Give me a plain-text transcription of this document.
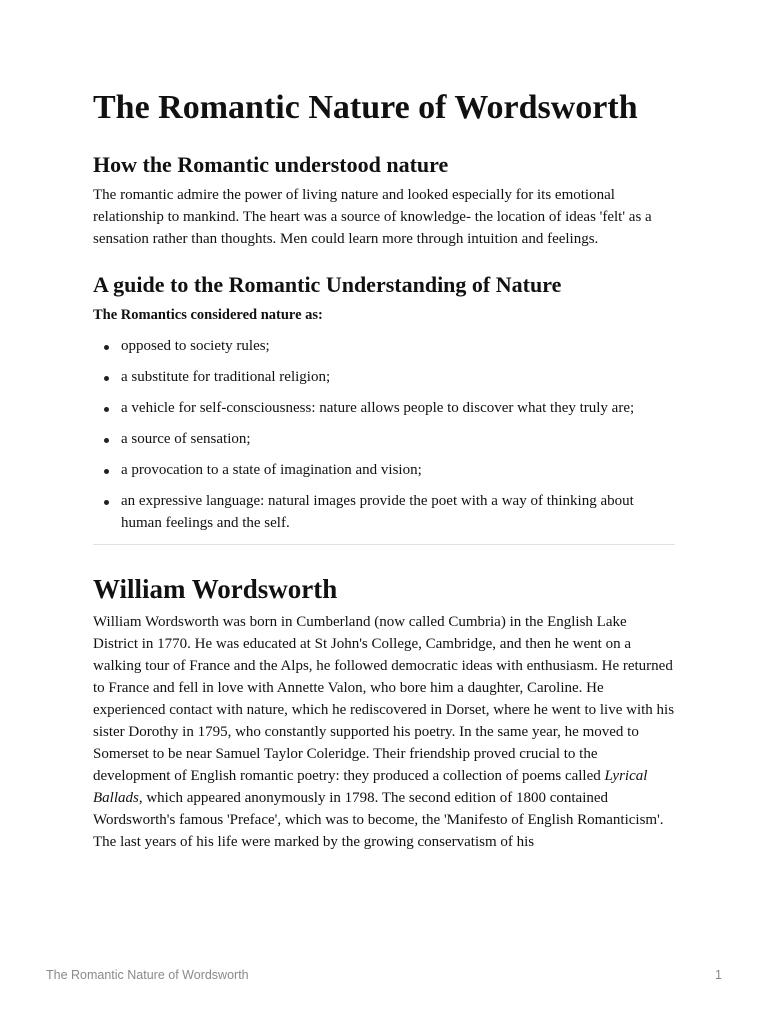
The Romantic Nature of Wordsworth
How the Romantic understood nature

The romantic admire the power of living nature and looked especially for its emotional relationship to mankind. The heart was a source of knowledge- the location of ideas 'felt' as a sensation rather than thoughts. Men could learn more through intuition and feelings.

A guide to the Romantic Understanding of Nature

The Romantics considered nature as:

opposed to society rules;
a substitute for traditional religion;
a vehicle for self-consciousness: nature allows people to discover what they truly are;
a source of sensation;
a provocation to a state of imagination and vision;
an expressive language: natural images provide the poet with a way of thinking about human feelings and the self.
William Wordsworth

William Wordsworth was born in Cumberland (now called Cumbria) in the English Lake District in 1770. He was educated at St John's College, Cambridge, and then he went on a walking tour of France and the Alps, he followed democratic ideas with enthusiasm. He returned to France and fell in love with Annette Valon, who bore him a daughter, Caroline. He experienced contact with nature, which he rediscovered in Dorset, where he went to live with his sister Dorothy in 1795, who constantly supported his poetry. In the same year, he moved to Somerset to be near Samuel Taylor Coleridge. Their friendship proved crucial to the development of English romantic poetry: they produced a collection of poems called Lyrical Ballads, which appeared anonymously in 1798. The second edition of 1800 contained Wordsworth's famous 'Preface', which was to become, the 'Manifesto of English Romanticism'. The last years of his life were marked by the growing conservatism of his

The Romantic Nature of Wordsworth	1
